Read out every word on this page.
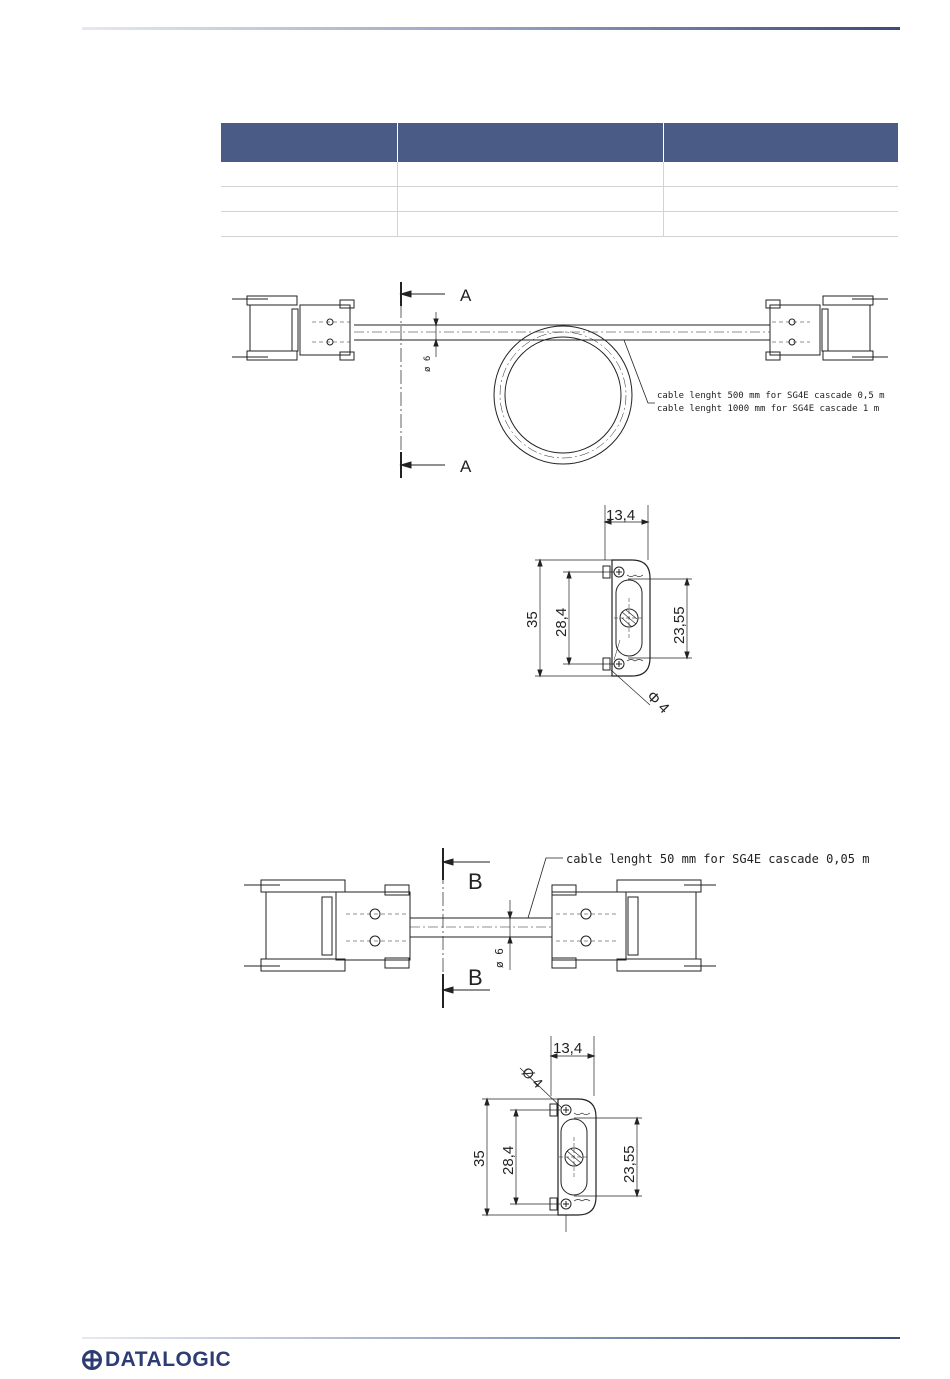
A
A
ø 6
cable lenght 500 mm for SG4E cascade 0,5 m
cable lenght 1000 mm for SG4E cascade 1 m
13,4
35 28,4	23,55
Φ 4
B
B
ø 6
cable lenght 50 mm for SG4E cascade 0,05 m
13,4
35 28,4	23,55
Ø 4
DATALOGIC
